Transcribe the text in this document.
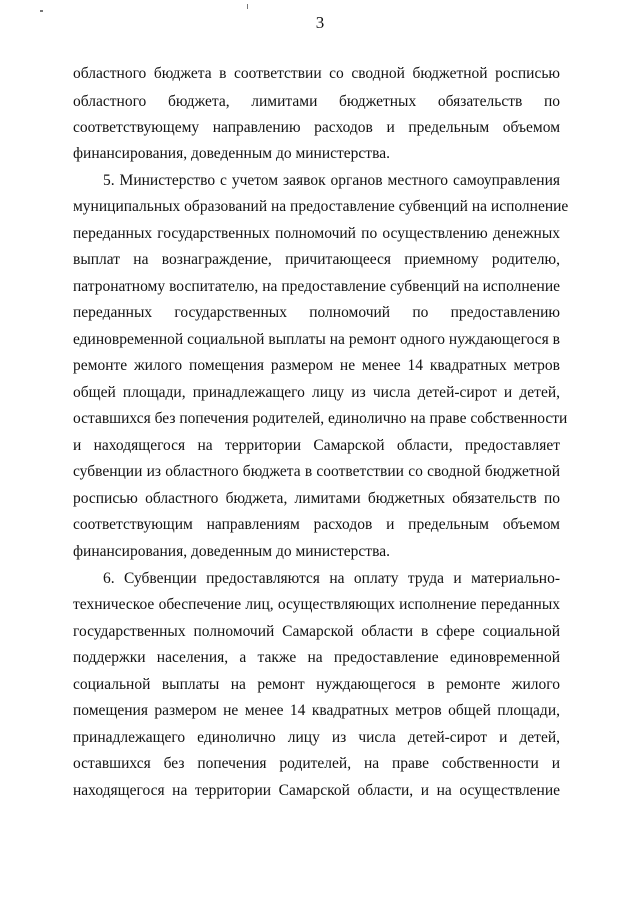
3
областного бюджета в соответствии со сводной бюджетной росписью
областного бюджета, лимитами бюджетных обязательств по
соответствующему направлению расходов и предельным объемом
финансирования, доведенным до министерства.
5. Министерство с учетом заявок органов местного самоуправления
муниципальных образований на предоставление субвенций на исполнение
переданных государственных полномочий по осуществлению денежных
выплат на вознаграждение, причитающееся приемному родителю,
патронатному воспитателю, на предоставление субвенций на исполнение
переданных государственных полномочий по предоставлению
единовременной социальной выплаты на ремонт одного нуждающегося в
ремонте жилого помещения размером не менее 14 квадратных метров
общей площади, принадлежащего лицу из числа детей-сирот и детей,
оставшихся без попечения родителей, единолично на праве собственности
и находящегося на территории Самарской области, предоставляет
субвенции из областного бюджета в соответствии со сводной бюджетной
росписью областного бюджета, лимитами бюджетных обязательств по
соответствующим направлениям расходов и предельным объемом
финансирования, доведенным до министерства.
6. Субвенции предоставляются на оплату труда и материально-
техническое обеспечение лиц, осуществляющих исполнение переданных
государственных полномочий Самарской области в сфере социальной
поддержки населения, а также на предоставление единовременной
социальной выплаты на ремонт нуждающегося в ремонте жилого
помещения размером не менее 14 квадратных метров общей площади,
принадлежащего единолично лицу из числа детей-сирот и детей,
оставшихся без попечения родителей, на праве собственности и
находящегося на территории Самарской области, и на осуществление
